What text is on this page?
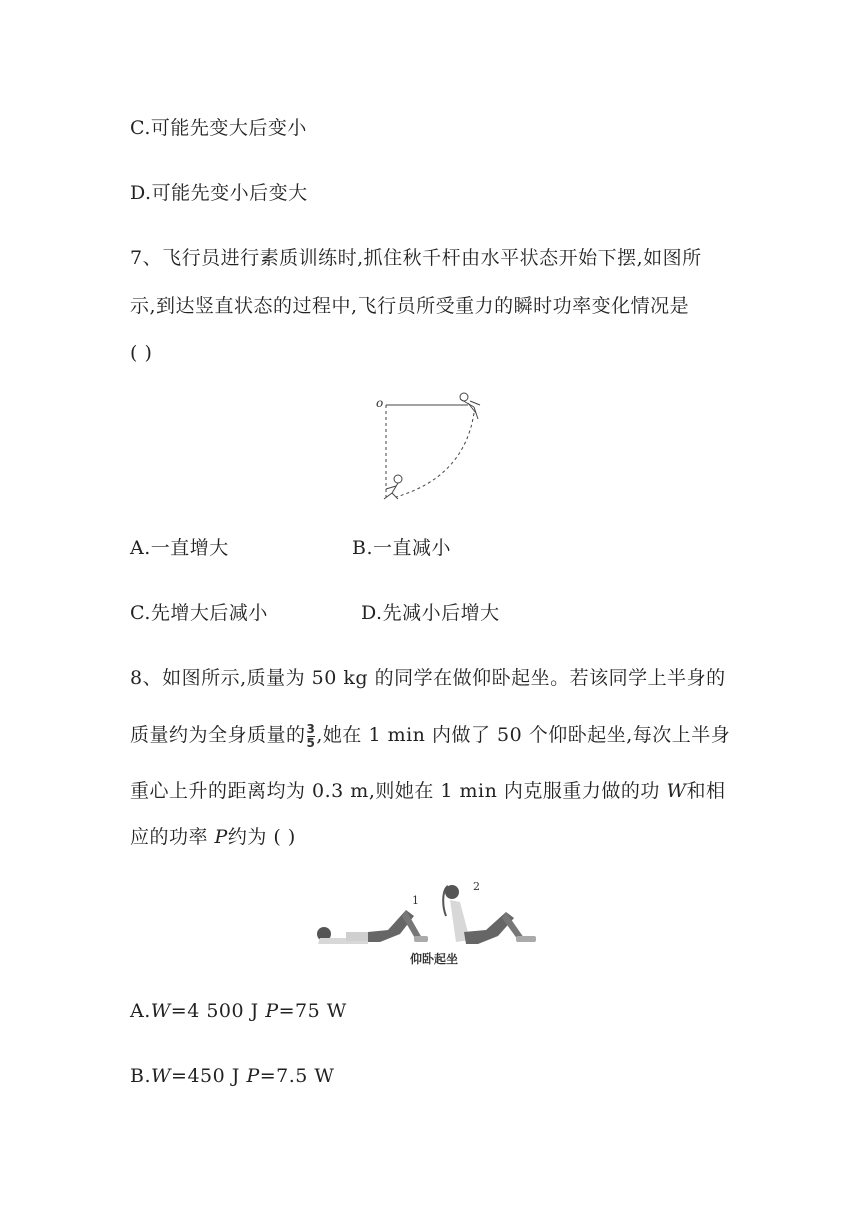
C.可能先变大后变小
D.可能先变小后变大
7、飞行员进行素质训练时,抓住秋千杆由水平状态开始下摆,如图所
示,到达竖直状态的过程中,飞行员所受重力的瞬时功率变化情况是
( )
o
A.一直增大	B.一直减小
C.先增大后减小	D.先减小后增大
8、如图所示,质量为 50 kg 的同学在做仰卧起坐。若该同学上半身的
质量约为全身质量的 $\frac{3}{5}$ ,她在 1 min 内做了 50 个仰卧起坐,每次上半身
重心上升的距离均为 0.3 m,则她在 1 min 内克服重力做的功 W和相
应的功率 P约为 ( )
1
2
仰卧起坐
A.W=4 500 J P=75 W
B.W=450 J P=7.5 W
